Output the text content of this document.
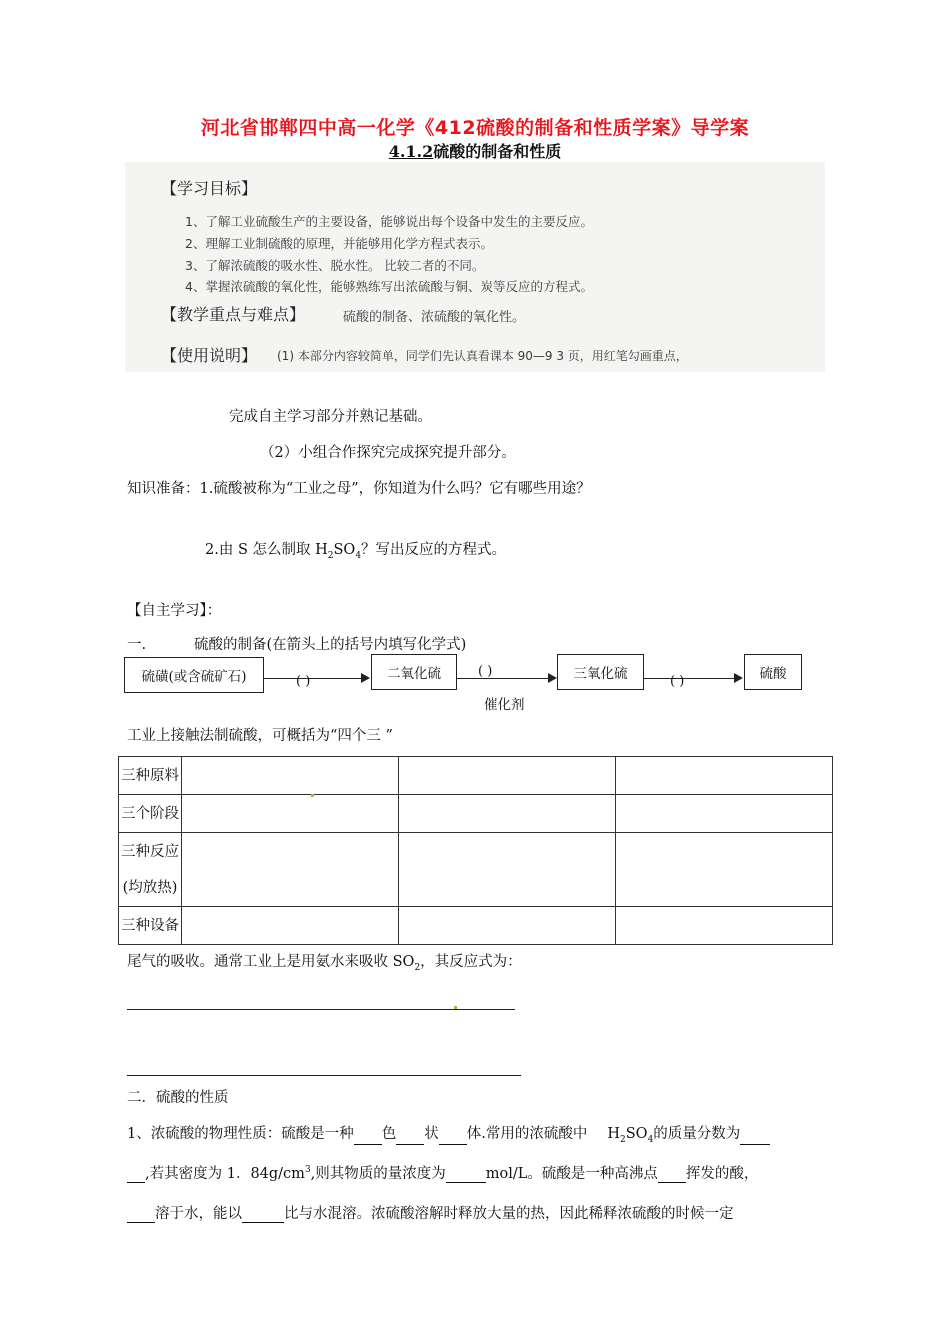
河北省邯郸四中高一化学《412硫酸的制备和性质学案》导学案
4.1.2硫酸的制备和性质
【学习目标】
1、了解工业硫酸生产的主要设备，能够说出每个设备中发生的主要反应。
2、理解工业制硫酸的原理，并能够用化学方程式表示。
3、了解浓硫酸的吸水性、脱水性。 比较二者的不同。
4、掌握浓硫酸的氧化性，能够熟练写出浓硫酸与铜、炭等反应的方程式。
【教学重点与难点】	硫酸的制备、浓硫酸的氧化性。
【使用说明】 (1) 本部分内容较简单，同学们先认真看课本 90—9 3 页，用红笔勾画重点，
完成自主学习部分并熟记基础。
（2）小组合作探究完成探究提升部分。
知识准备：1.硫酸被称为“工业之母”，你知道为什么吗？它有哪些用途？
2.由 S 怎么制取 $H_2SO_4$？写出反应的方程式。
【自主学习】：
一.	硫酸的制备(在箭头上的括号内填写化学式)
硫磺(或含硫矿石)	( )	二氧化硫	( )
催化剂
三氧化硫	( )	硫酸
工业上接触法制硫酸，可概括为“四个三 ”
三种原料			
三个阶段			

三种反应
(均放热)			

三种设备			
尾气的吸收。通常工业上是用氨水来吸收 $SO_2$，其反应式为：
二．硫酸的性质
1、浓硫酸的物理性质：硫酸是一种 色 状 体.常用的浓硫酸中 $H_2SO_4$的质量分数为
,若其密度为 1．$84g/cm^3$,则其物质的量浓度为	mol/L。硫酸是一种高沸点 挥发的酸，
溶于水，能以	比与水混溶。浓硫酸溶解时释放大量的热，因此稀释浓硫酸的时候一定
